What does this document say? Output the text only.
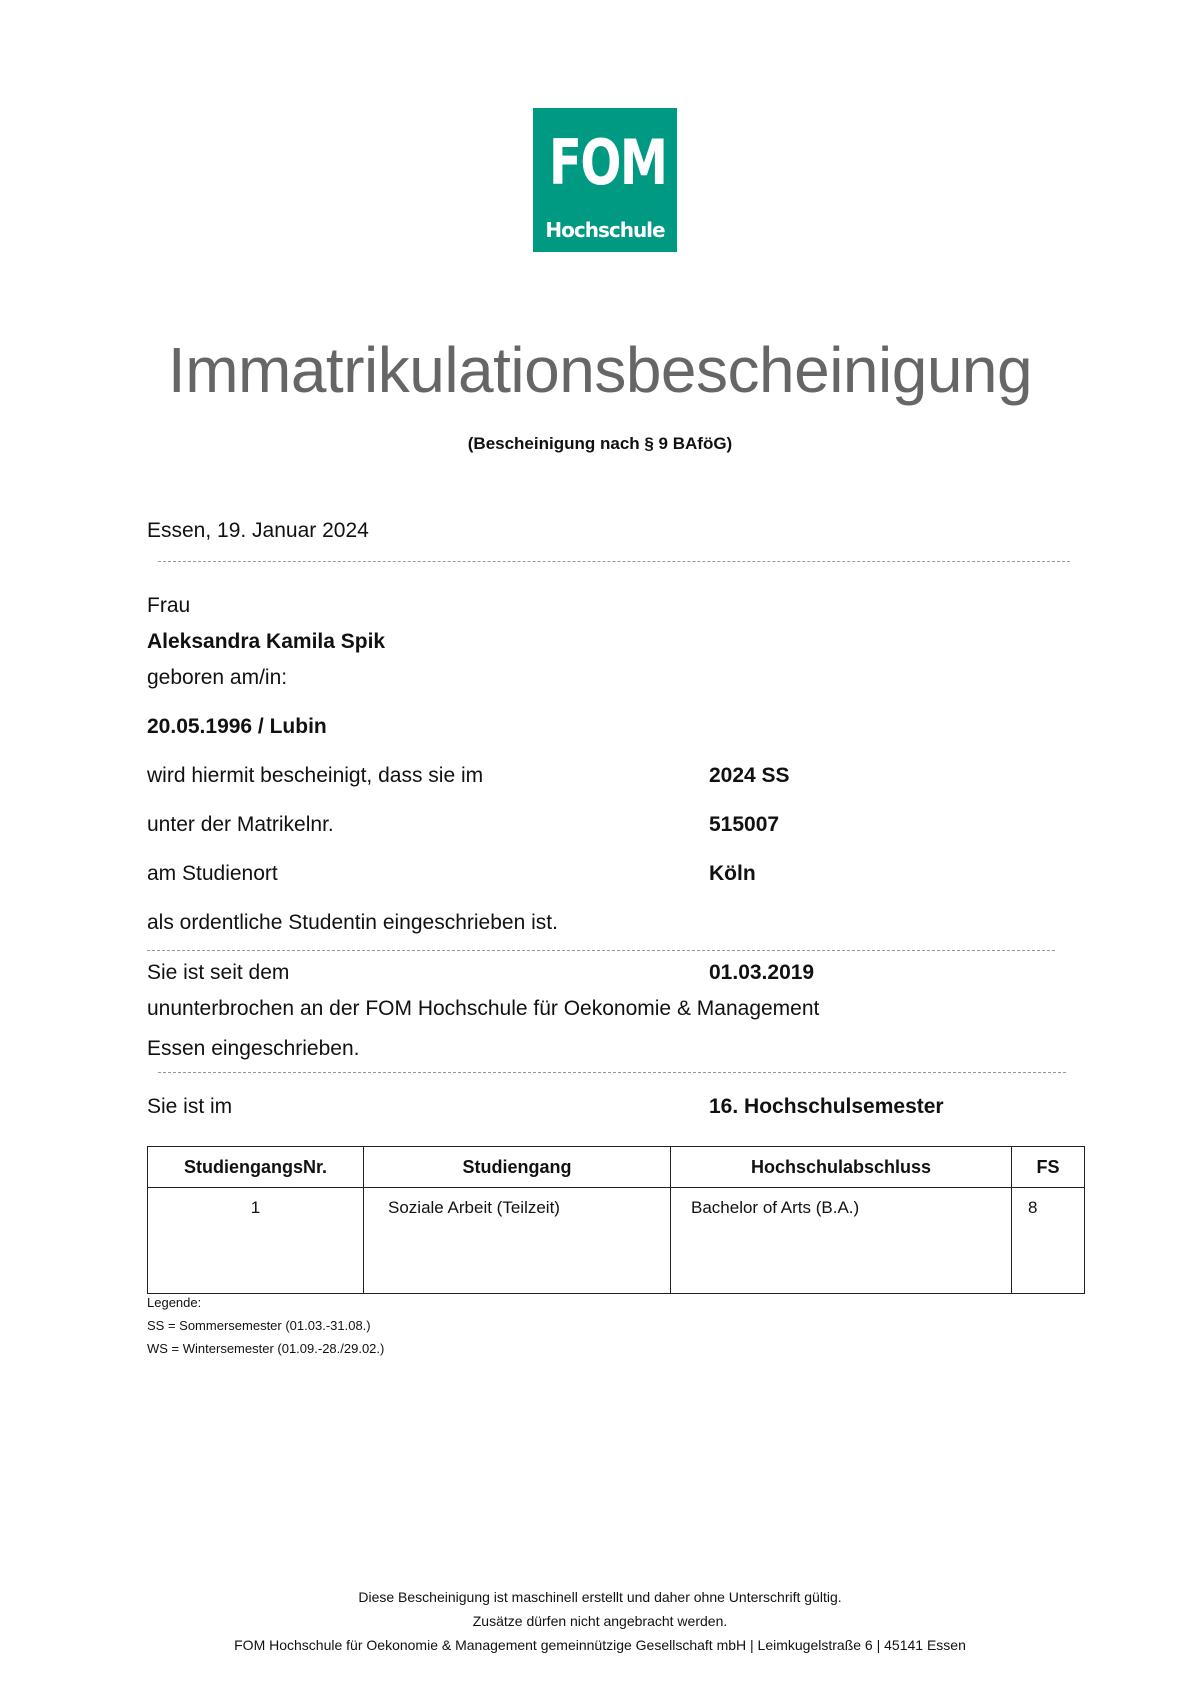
FOM
Hochschule
Immatrikulationsbescheinigung
(Bescheinigung nach § 9 BAföG)
Essen, 19. Januar 2024
Frau
Aleksandra Kamila Spik
geboren am/in:
20.05.1996 / Lubin
wird hiermit bescheinigt, dass sie im	2024 SS
unter der Matrikelnr.	515007
am Studienort	Köln
als ordentliche Studentin eingeschrieben ist.
Sie ist seit dem	01.03.2019
ununterbrochen an der FOM Hochschule für Oekonomie & Management
Essen eingeschrieben.
Sie ist im	16. Hochschulsemester
StudiengangsNr.	Studiengang	Hochschulabschluss	FS
1	Soziale Arbeit (Teilzeit)	Bachelor of Arts (B.A.)	8
Legende:
SS = Sommersemester (01.03.-31.08.)
WS = Wintersemester (01.09.-28./29.02.)
Diese Bescheinigung ist maschinell erstellt und daher ohne Unterschrift gültig.
Zusätze dürfen nicht angebracht werden.
FOM Hochschule für Oekonomie & Management gemeinnützige Gesellschaft mbH | Leimkugelstraße 6 | 45141 Essen
